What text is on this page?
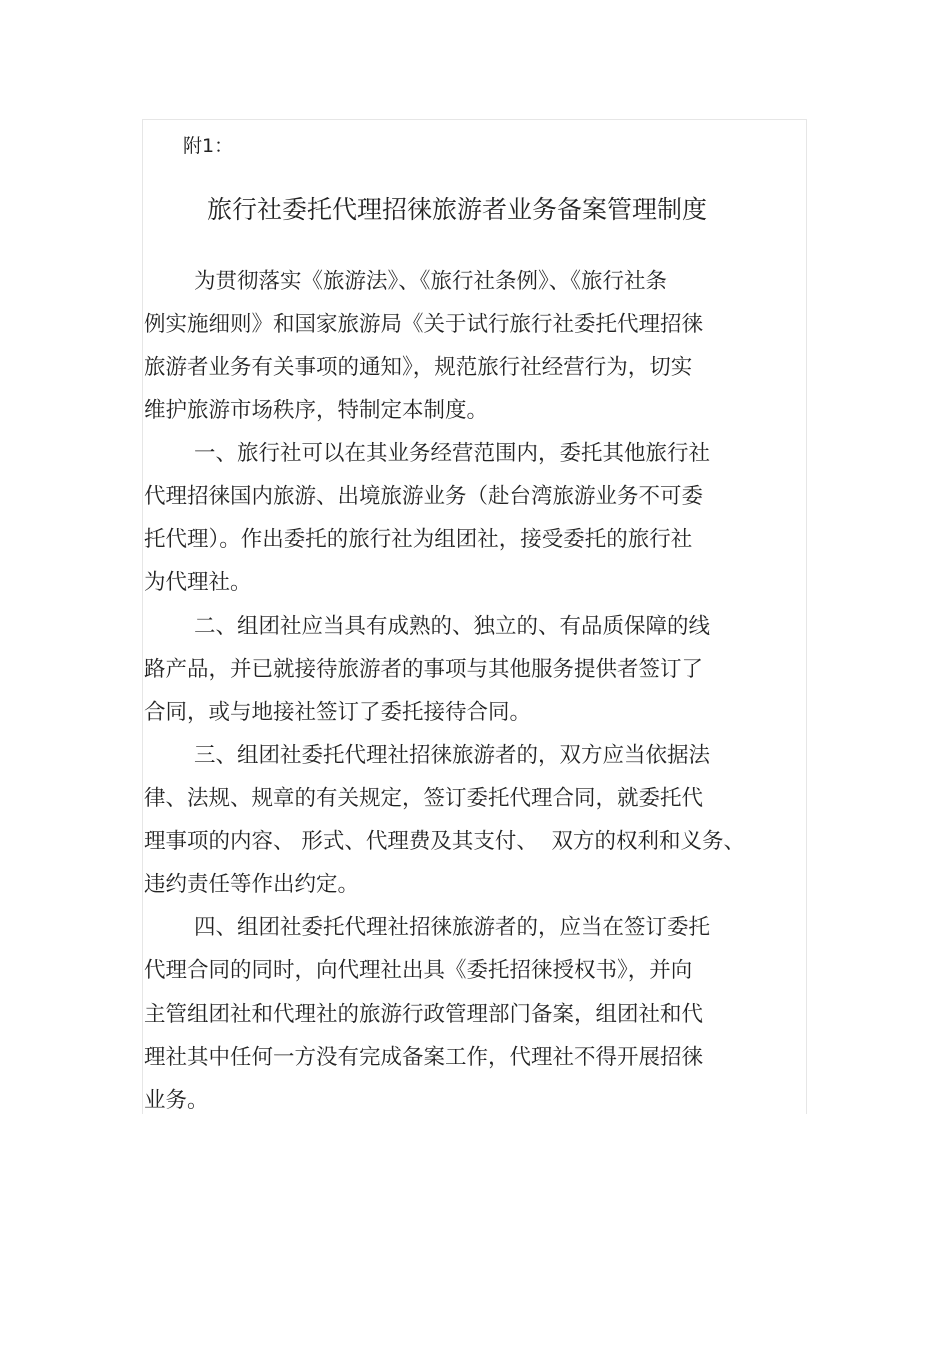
附1：
旅行社委托代理招徕旅游者业务备案管理制度
为贯彻落实《旅游法》、《旅行社条例》、《旅行社条
例实施细则》和国家旅游局《关于试行旅行社委托代理招徕
旅游者业务有关事项的通知》，规范旅行社经营行为，切实
维护旅游市场秩序，特制定本制度。
一、旅行社可以在其业务经营范围内，委托其他旅行社
代理招徕国内旅游、出境旅游业务（赴台湾旅游业务不可委
托代理）。作出委托的旅行社为组团社，接受委托的旅行社
为代理社。
二、组团社应当具有成熟的、独立的、有品质保障的线
路产品，并已就接待旅游者的事项与其他服务提供者签订了
合同，或与地接社签订了委托接待合同。
三、组团社委托代理社招徕旅游者的，双方应当依据法
律、法规、规章的有关规定，签订委托代理合同，就委托代
理事项的内容、 形式、代理费及其支付、  双方的权利和义务、
违约责任等作出约定。
四、组团社委托代理社招徕旅游者的，应当在签订委托
代理合同的同时，向代理社出具《委托招徕授权书》，并向
主管组团社和代理社的旅游行政管理部门备案，组团社和代
理社其中任何一方没有完成备案工作，代理社不得开展招徕
业务。
